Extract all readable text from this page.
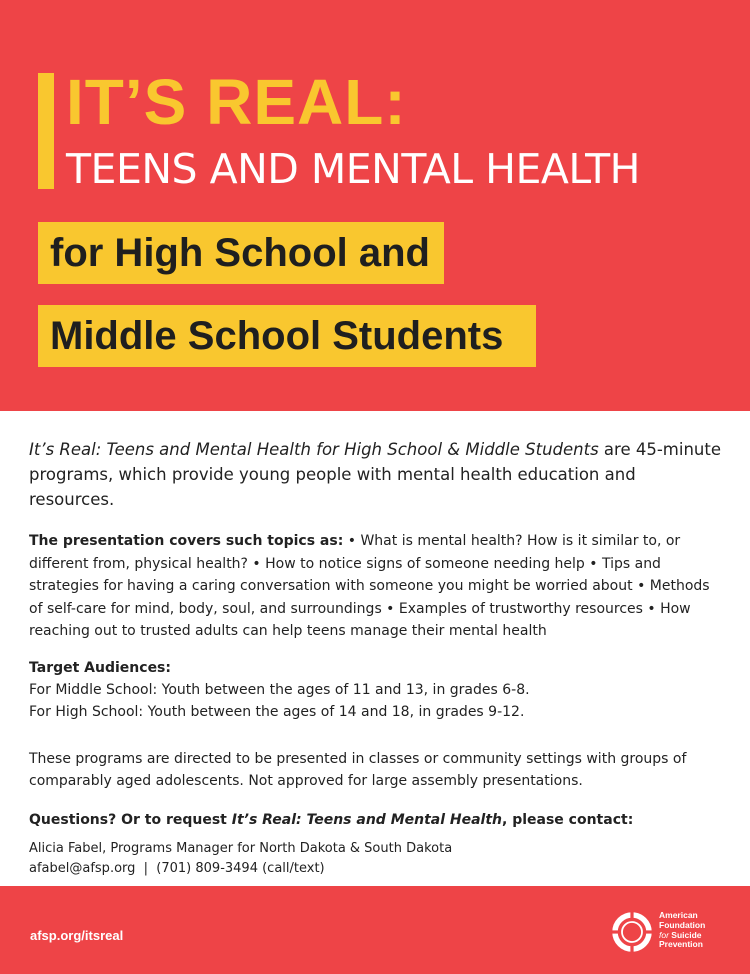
IT’S REAL:
TEENS AND MENTAL HEALTH
for High School and
Middle School Students

It’s Real: Teens and Mental Health for High School & Middle Students are 45-minute programs, which provide young people with mental health education and resources.

The presentation covers such topics as: • What is mental health? How is it similar to, or different from, physical health? • How to notice signs of someone needing help • Tips and strategies for having a caring conversation with someone you might be worried about • Methods of self-care for mind, body, soul, and surroundings • Examples of trustworthy resources • How reaching out to trusted adults can help teens manage their mental health

Target Audiences:

For Middle School: Youth between the ages of 11 and 13, in grades 6-8.

For High School: Youth between the ages of 14 and 18, in grades 9-12.

These programs are directed to be presented in classes or community settings with groups of comparably aged adolescents. Not approved for large assembly presentations.

Questions? Or to request It’s Real: Teens and Mental Health, please contact:

Alicia Fabel, Programs Manager for North Dakota & South Dakota

afabel@afsp.org  |  (701) 809-3494 (call/text)

afsp.org/itsreal
American
Foundation
for Suicide
Prevention
